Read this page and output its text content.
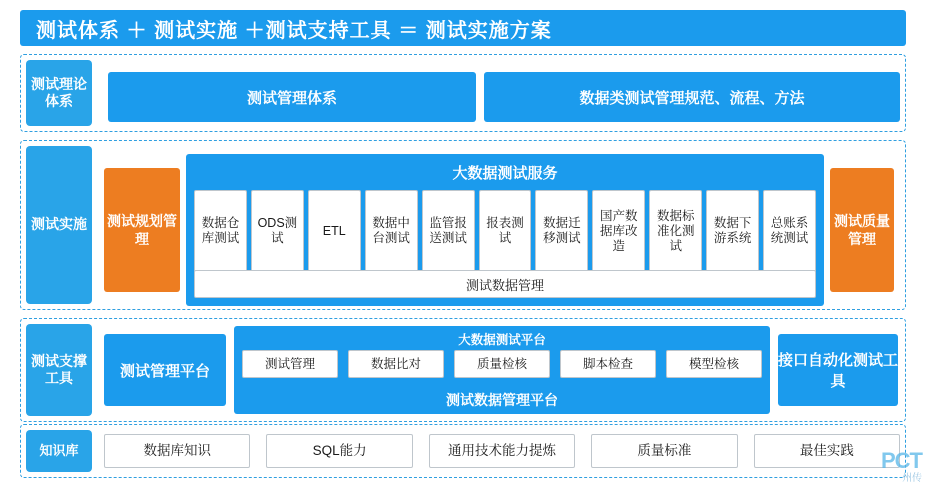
测试体系 ＋ 测试实施 ＋测试支持工具 ＝ 测试实施方案
测试理论体系	测试管理体系	数据类测试管理规范、流程、方法
测试实施	测试规划管理
测试质量管理
大数据测试服务
数据仓库测试
ODS测试
ETL
数据中台测试
监管报送测试
报表测试
数据迁移测试
国产数据库改造
数据标准化测试
数据下游系统
总账系统测试
测试数据管理
测试支撑工具	测试管理平台
接口自动化测试工具
大数据测试平台
测试管理	数据比对	质量检核	脚本检查	模型检核
测试数据管理平台
知识库	数据库知识	SQL能力	通用技术能力提炼	质量标准	最佳实践	PCT
州传
